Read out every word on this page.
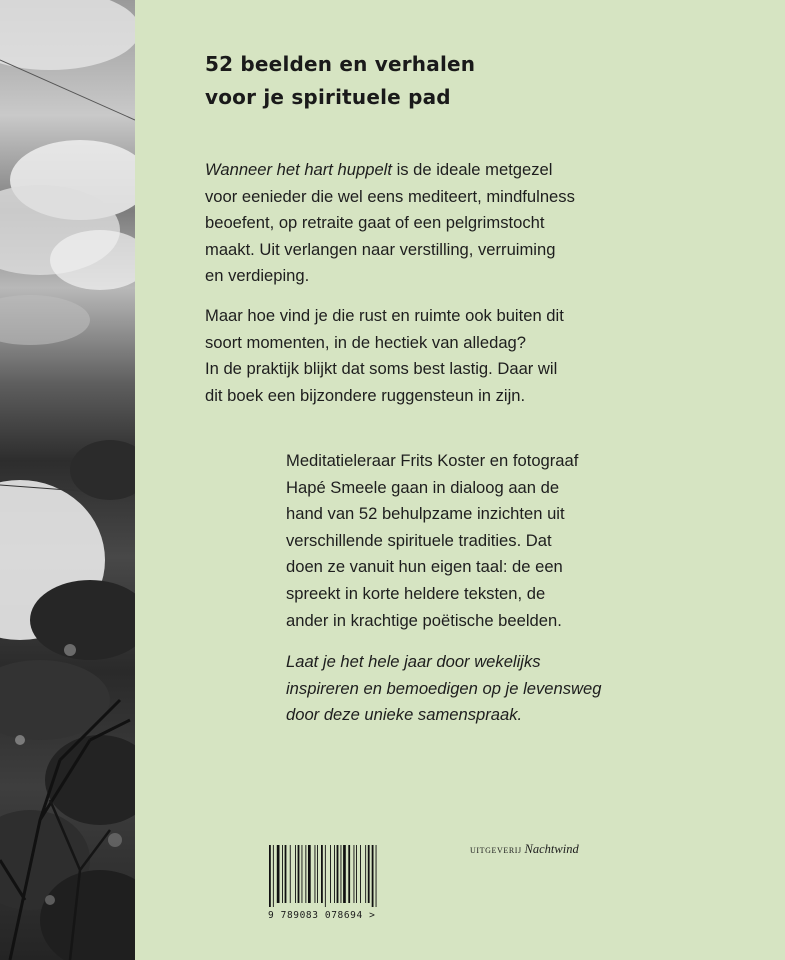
52 beelden en verhalen
voor je spirituele pad
Wanneer het hart huppelt is de ideale metgezel
voor eenieder die wel eens mediteert, mindfulness
beoefent, op retraite gaat of een pelgrimstocht
maakt. Uit verlangen naar verstilling, verruiming
en verdieping.
Maar hoe vind je die rust en ruimte ook buiten dit
soort momenten, in de hectiek van alledag?
In de praktijk blijkt dat soms best lastig. Daar wil
dit boek een bijzondere ruggensteun in zijn.
Meditatieleraar Frits Koster en fotograaf
Hapé Smeele gaan in dialoog aan de
hand van 52 behulpzame inzichten uit
verschillende spirituele tradities. Dat
doen ze vanuit hun eigen taal: de een
spreekt in korte heldere teksten, de
ander in krachtige poëtische beelden.
Laat je het hele jaar door wekelijks
inspireren en bemoedigen op je levensweg
door deze unieke samenspraak.
9 789083 078694 >
uitgeverij Nachtwind
